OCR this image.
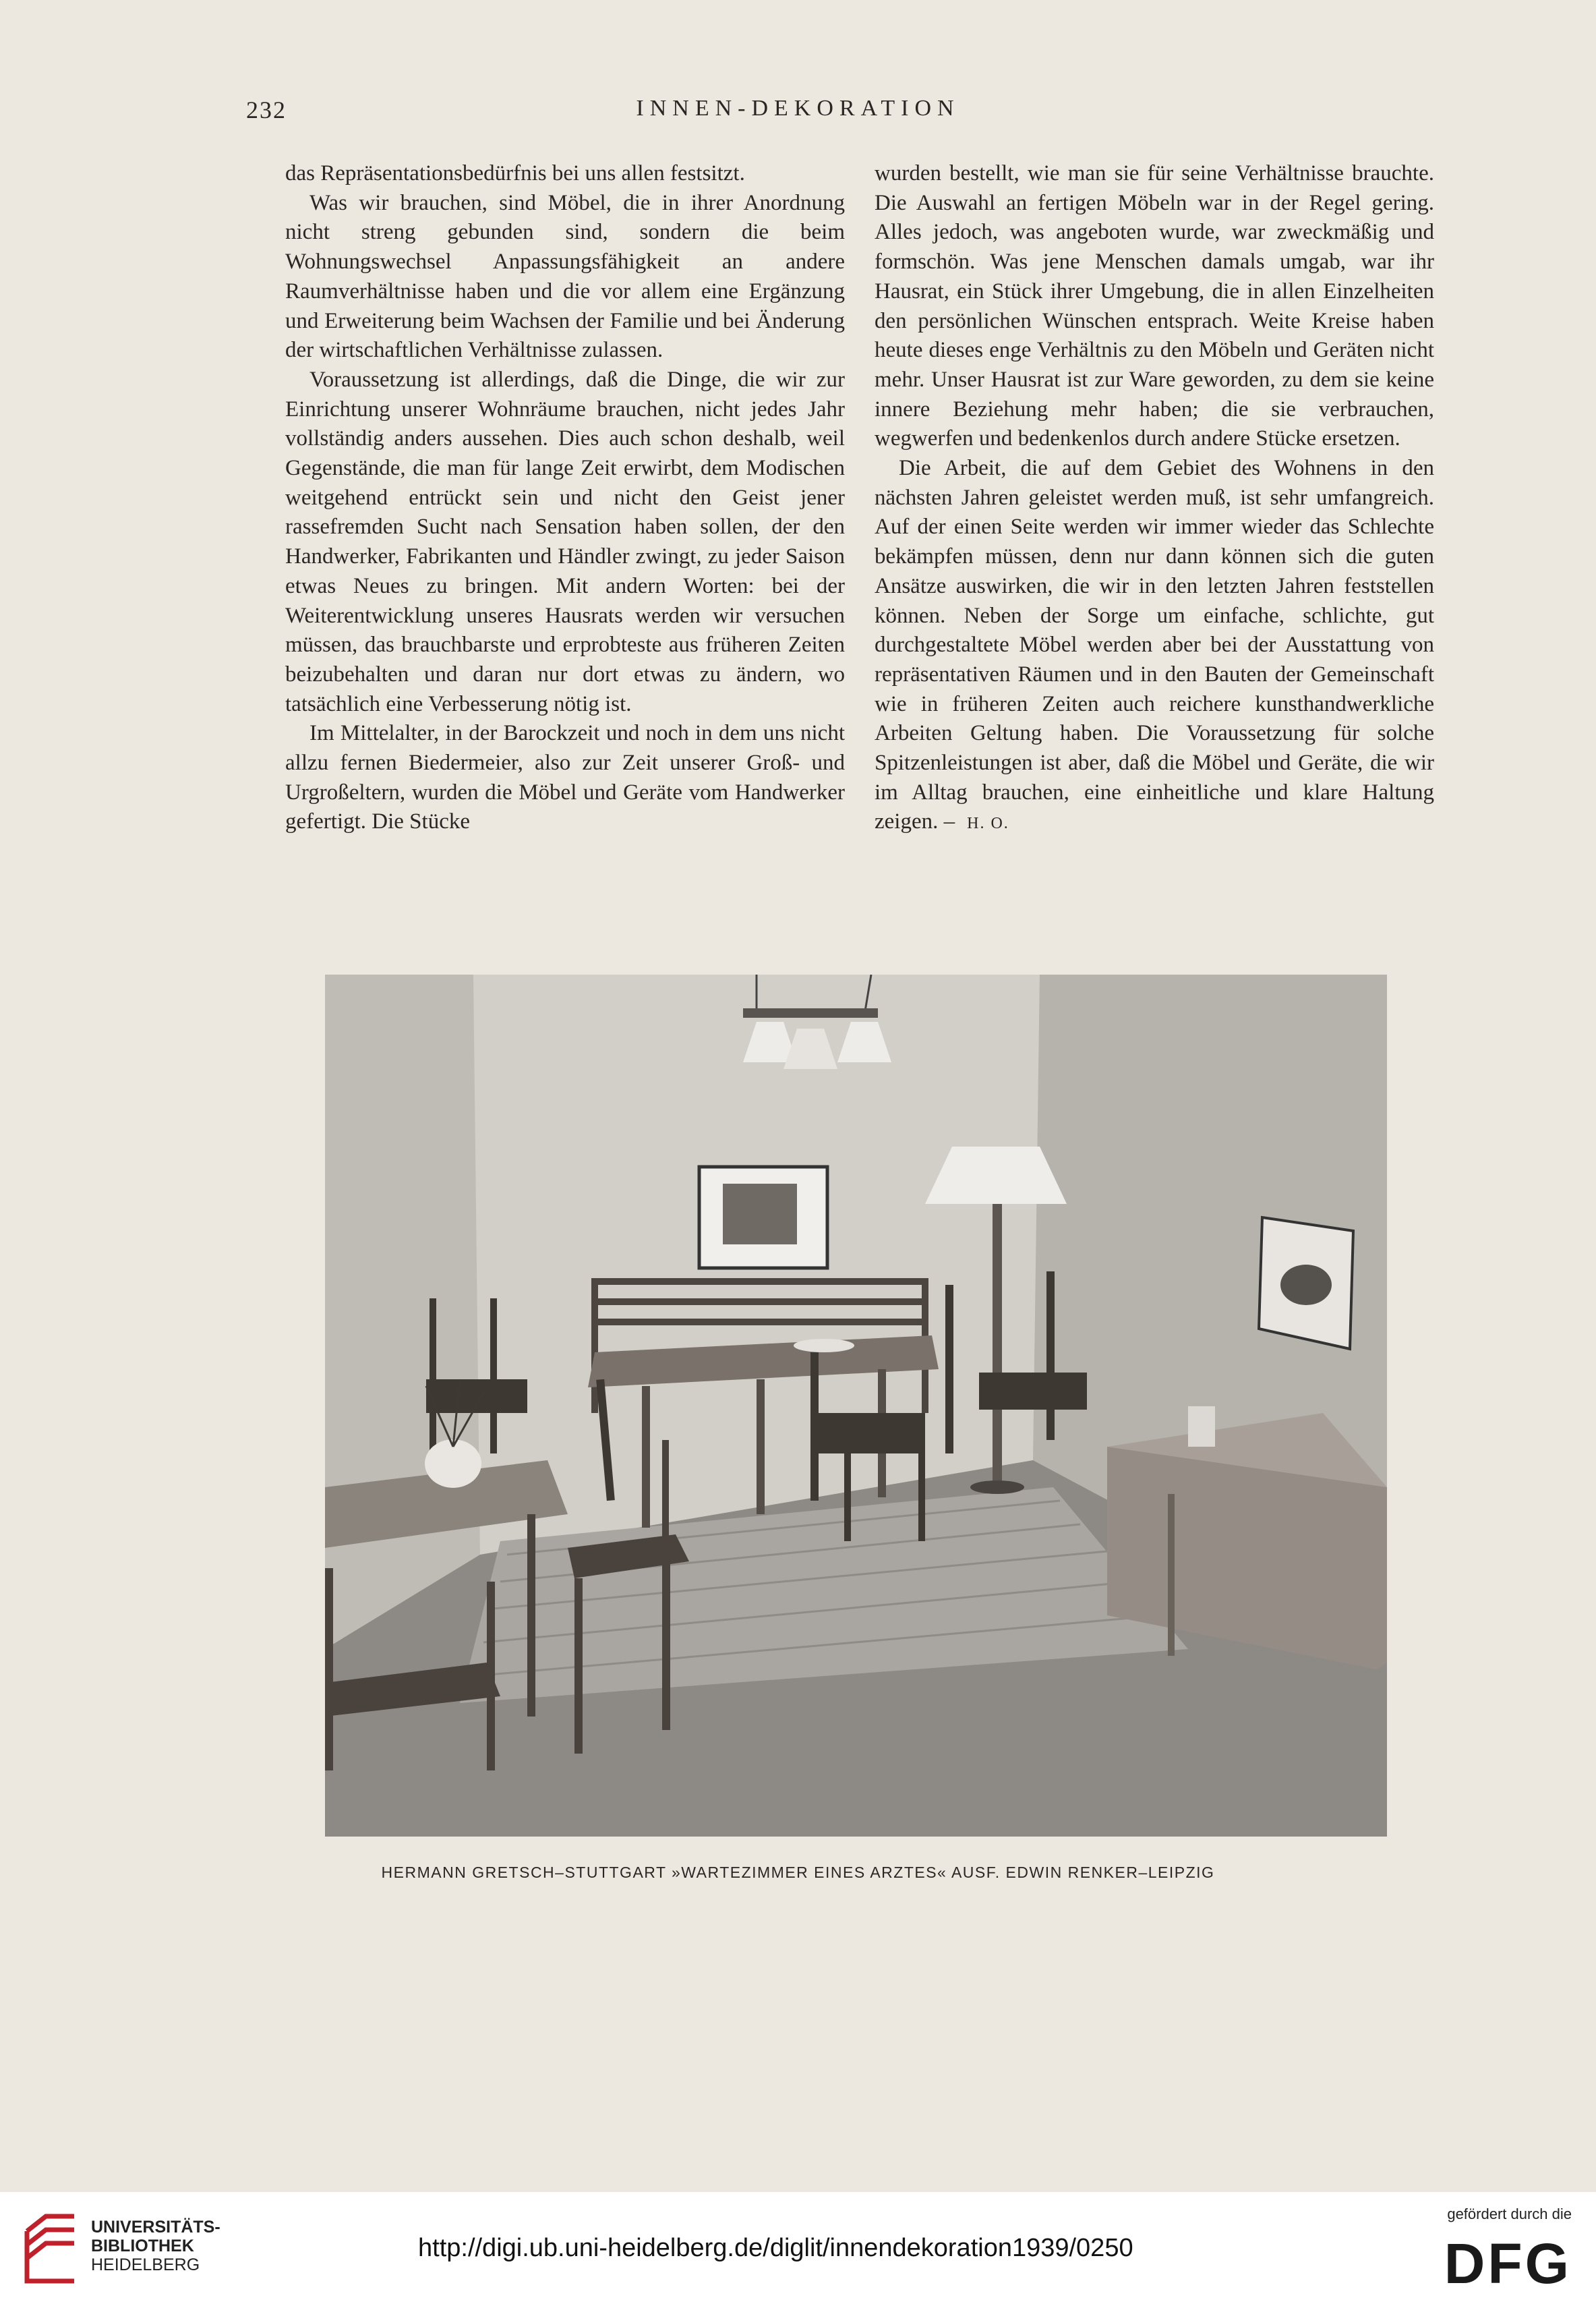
232	INNEN-DEKORATION

das Repräsentationsbedürfnis bei uns allen festsitzt.

Was wir brauchen, sind Möbel, die in ihrer Anordnung nicht streng gebunden sind, sondern die beim Wohnungswechsel Anpassungsfähigkeit an andere Raumverhältnisse haben und die vor allem eine Ergänzung und Erweiterung beim Wachsen der Familie und bei Änderung der wirtschaftlichen Verhältnisse zulassen.

Voraussetzung ist allerdings, daß die Dinge, die wir zur Einrichtung unserer Wohnräume brauchen, nicht jedes Jahr vollständig anders aussehen. Dies auch schon deshalb, weil Gegenstände, die man für lange Zeit erwirbt, dem Modischen weitgehend entrückt sein und nicht den Geist jener rassefremden Sucht nach Sensation haben sollen, der den Handwerker, Fabrikanten und Händler zwingt, zu jeder Saison etwas Neues zu bringen. Mit andern Worten: bei der Weiterentwicklung unseres Hausrats werden wir versuchen müssen, das brauchbarste und erprobteste aus früheren Zeiten beizubehalten und daran nur dort etwas zu ändern, wo tatsächlich eine Verbesserung nötig ist.

Im Mittelalter, in der Barockzeit und noch in dem uns nicht allzu fernen Biedermeier, also zur Zeit unserer Groß- und Urgroßeltern, wurden die Möbel und Geräte vom Handwerker gefertigt. Die Stücke

wurden bestellt, wie man sie für seine Verhältnisse brauchte. Die Auswahl an fertigen Möbeln war in der Regel gering. Alles jedoch, was angeboten wurde, war zweckmäßig und formschön. Was jene Menschen damals umgab, war ihr Hausrat, ein Stück ihrer Umgebung, die in allen Einzelheiten den persönlichen Wünschen entsprach. Weite Kreise haben heute dieses enge Verhältnis zu den Möbeln und Geräten nicht mehr. Unser Hausrat ist zur Ware geworden, zu dem sie keine innere Beziehung mehr haben; die sie verbrauchen, wegwerfen und bedenkenlos durch andere Stücke ersetzen.

Die Arbeit, die auf dem Gebiet des Wohnens in den nächsten Jahren geleistet werden muß, ist sehr umfangreich. Auf der einen Seite werden wir immer wieder das Schlechte bekämpfen müssen, denn nur dann können sich die guten Ansätze auswirken, die wir in den letzten Jahren feststellen können. Neben der Sorge um einfache, schlichte, gut durchgestaltete Möbel werden aber bei der Ausstattung von repräsentativen Räumen und in den Bauten der Gemeinschaft wie in früheren Zeiten auch reichere kunsthandwerkliche Arbeiten Geltung haben. Die Voraussetzung für solche Spitzenleistungen ist aber, daß die Möbel und Geräte, die wir im Alltag brauchen, eine einheitliche und klare Haltung zeigen. – H. O.

HERMANN GRETSCH–STUTTGART »WARTEZIMMER EINES ARZTES« AUSF. EDWIN RENKER–LEIPZIG
UNIVERSITÄTS-
BIBLIOTHEK
HEIDELBERG
http://digi.ub.uni-heidelberg.de/diglit/innendekoration1939/0250
gefördert durch die
DFG
